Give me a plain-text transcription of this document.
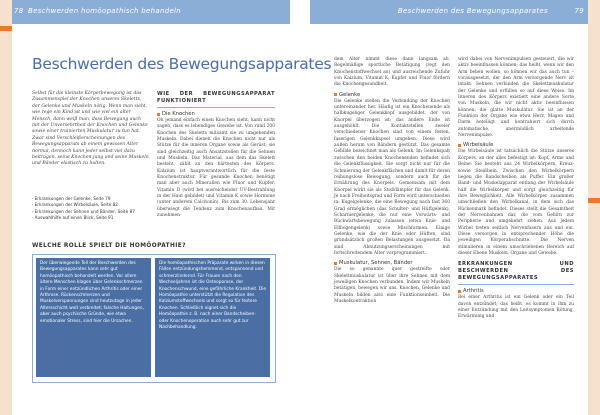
78 Beschwerden homöopathisch behandeln	Beschwerden des Bewegungsapparates	79
Beschwerden des Bewegungsapparates
Selbst für die kleinste Körperbewegung ist das Zusammenspiel der Knochen unseres Skeletts, der Gelenke und Muskeln nötig. Wenn man sieht, wie rege ein Kind ist und wie viel ein alter Mensch, dann weiß man, dass Bewegung auch mit der Unversehrtheit der Knochen und Gelenke sowie einer trainierten Muskulatur zu tun hat. Zwar sind Verschleißerscheinungen des Bewegungsapparats ab einem gewissen Alter normal, dennoch kann jeder selbst viel dazu beitragen, seine Knochen jung und seine Muskeln und Bänder elastisch zu halten.
· Erkrankungen der Gelenke, Seite 79
· Erkrankungen der Wirbelsäule, Seite 82
· Erkrankungen der Sehnen und Bänder, Seite 87
· Auswahlhilfe auf einen Blick, Seite 91
WIE DER BEWEGUNGSAPPARAT FUNKTIONIERT
Die Knochen
Oh jemand einfach einen Knochen sieht, kann nicht sagen, dass es lebendiges Gewebe ist. Von rund 200 Knochen des Skeletts mitsamt sie zu umgebenden Muskeln. Dabei dienen die Knochen nicht nur als Stütze für die inneren Organe sowie als Gerüst; sie sind gleichzeitig auch Ansatzstellen für die Sehnen und Muskeln. Das Material, aus dem das Skelett besteht, zählt zu den härtesten des Körpers. Kalzium ist hauptverantwortlich für die feste Knochenstruktur. Für gesunde Knochen benötigt man aber auch Mineralien wie Fluor und Kupfer, Vitamin D (wird bei ausreichender UV-Bestrahlung in der Haut gebildet) und Vitamin K sowie Hormone (unter anderem Calcitonin). Bis zum 30. Lebensjahr überwiegt die Tendenz zum Knochenaufbau. Mit zunehmen-
WELCHE ROLLE SPIELT DIE HOMÖOPATHIE?
Der überwiegende Teil der Beschwerden des Bewegungsapparates kann sehr gut homöopathisch behandelt werden. Vor allem ältere Menschen klagen über Gelenkschmerzen in Form einer entzündlichen Arthritis oder einer Arthrose. Rückenschmerzen und Muskelverspannungen sind heutzutage in jeder Altersschicht weit verbreitet; falsche Haltungen, aber auch psychische Gründe, wie etwa emotionaler Stress, sind hier die Ursachen.
Die homöopathischen Präparate wirken in diesen Fällen entzündungshemmend, entspannend und schmerzlindernd. Für Frauen nach den Wechseljahren ist die Osteoporose, der Knochenschwund, eine gefährliche Krankheit. Die Homöopathie unterstützt die Regulation des Kalziumstoffwechsels und sorgt so für festere Knochen. Schließlich eignet sich die Homöopathie z. B. nach einer Bandscheiben- oder Knochenoperation auch sehr gut zur Nachbehandlung.
dem Alter nimmt diese dann langsam ab. Regelmäßige sportliche Betätigung (regt den Knochenstoffwechsel an) und ausreichende Zufuhr von Kalzium, Vitamin K, Kupfer und Fluor fördern die Knochengesundheit.
Gelenke
Die Gelenke stellen die Verbindung der Knochen untereinander her. Häufig ist ein Knochenende als halbkugeliger Gelenkkopf ausgebildet, der von Knorpel überzogen ist; das andere Ende ist ausgehöhlt. Die Kontaktstellen zweier verschiedener Knochen sind von einem festen, faserigen Gelenkkapsel umgeben. Diese wird außen herum von Bändern gestützt. Das gesamte Gebilde bezeichnet man als Gelenk. Im Gelenkspalt zwischen den beiden Knochenenden befindet sich die Gelenkflüssigkeit. Sie sorgt nicht nur für die Schmierung der Gelenkflächen und damit für deren reibungslose Bewegung, sondern auch für die Ernährung des Knorpels. Gemeinsam mit dem Knorpel wirkt sie als Stoßdämpfer für das Gelenk. Je nach Freiheitsgrad und Form wird unterschieden in: Kugelgelenke, die eine Bewegung nach fast 360 Grad ermöglichen (das Schulter- und Hüftgelenk), Scharniergelenke, die nur eine Vorwärts- und Rückwärtsbewegung zulassen (etwa Knie- und Ellbogengelenk) sowie Mischformen. Einige Gelenke, wie die der Knie oder Hüften, sind grundsätzlich großen Belastungen ausgesetzt. Da sind Abnutzungserscheinungen mit fortschreitendem Alter vorprogrammiert.
Muskulatur, Sehnen, Bänder
Die so genannte quer gestreifte oder Skelettmuskulatur ist über ihre Sehnen mit dem jeweiligen Knochen verbunden. Indem wir Muskeln betätigen, bewegen wir uns. Knochen, Gelenke und Muskeln bilden also eine Funktionseinheit. Die Muskelkontraktion
wird dabei von Nervenimpulsen gesteuert, die wir aktiv beeinflussen können; das heißt, wenn wir den Arm beben wollen, so können wir das auch tun – vorausgesetzt, der den Arm versorgende Nerv ist intakt. Sehnen verbinden die Skelettmuskulatur der Gelenke und erfüllen so auf diese Weise. Im Inneren des Körpers existiert eine andere Sorte von Muskeln, die wir nicht aktiv beeinflussen können: die glatte Muskulatur. Sie ist an der Funktion der Organe wie etwa Herz, Magen und Darm beteiligt und kontrahiert sich durch automatische, unermüdlich arbeitende Nervenimpulse.
Wirbelsäule
Die Wirbelsäule ist tatsächlich die Stütze unseres Körpers, an der alles befestigt ist: Kopf, Arme und Beine. Sie besteht aus 24 Wirbelkörpern, Kreuz- sowie Steißbein. Zwischen den Wirbelkörpern liegen die Bandscheiben als Puffer. Ein großer Band- und Muskelapparat entlang der Wirbelsäule hält die Wirbelkörper und sorgt gleichzeitig für ihre Beweglichkeit. Alle Wirbelkörper zusammen umschließen den Wirbelkanal, in dem sich das Rückenmark befindet. Dieses stellt die Gesamtheit der Nervenbahnen dar, die vom Gehirn zur Peripherie und umgekehrt ziehen. Aus jedem Wirbel treten seitlich Nervenfasern aus und ein. Diese versorgen in entsprechender Höhe die jeweiligen Körperabschnitte. Die Nerven stimulieren in einem umschriebenen Bereich auf dieser Ebene Muskeln, Organe und Gewebe.
ERKRANKUNGEN UND BESCHWERDEN DES BEWEGUNGSAPPARATES
Arthritis
Bei einer Arthritis ist ein Gelenk oder ein Teil davon entzündet; das heißt, es kommt in ihm zu einer Entzündung mit den Leitsymptomen Rötung, Erwärmung und
